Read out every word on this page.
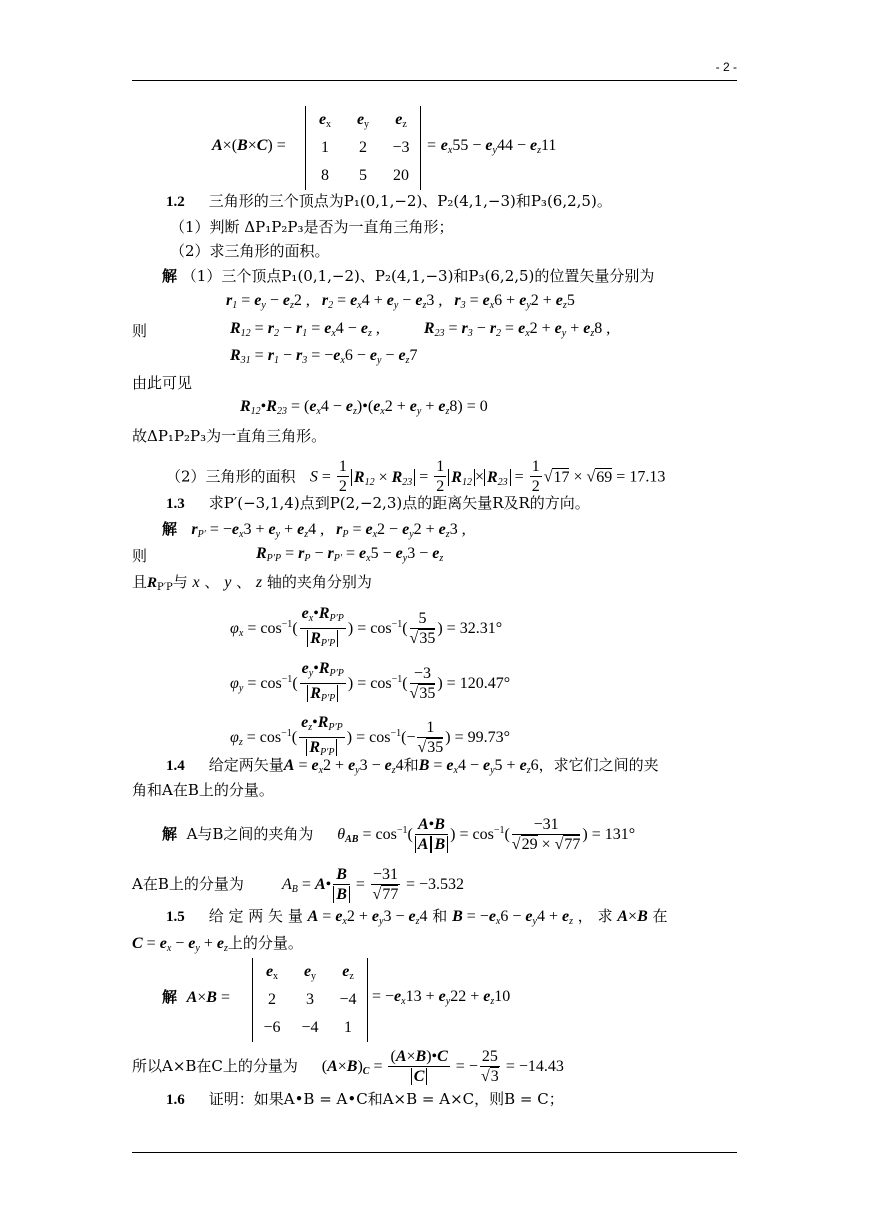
- 2 -
A×(B×C) =
$e_x$	$e_y$	$e_z$
1	2	−3
8	5	20
= $e_x55 - e_y44 - e_z11$
1.2 三角形的三个顶点为P₁(0,1,−2)、P₂(4,1,−3)和P₃(6,2,5)。
（1）判断 ΔP₁P₂P₃是否为一直角三角形；
（2）求三角形的面积。
解 （1）三个顶点P₁(0,1,−2)、P₂(4,1,−3)和P₃(6,2,5)的位置矢量分别为
$r_1 = e_y - e_z2$ ,   $r_2 = e_x4 + e_y - e_z3$ ,   $r_3 = e_x6 + e_y2 + e_z5$
则	$R_{12} = r_2 - r_1 = e_x4 - e_z$ ,	$R_{23} = r_3 - r_2 = e_x2 + e_y + e_z8$ ,
$R_{31} = r_1 - r_3 = -e_x6 - e_y - e_z7$
由此可见
$R_{12}•R_{23} = (e_x4$ − $e_z)•(e_x2 + e_y + e_z8) = 0$
故ΔP₁P₂P₃为一直角三角形。
（2）三角形的面积 $S = \frac{1}{2} R_{12} \times R_{23} = \frac{1}{2} R_{12} \times R_{23} = \frac{1}{2} √17 \times √69 = 17.13$
1.3 求P′(−3,1,4)点到P(2,−2,3)点的距离矢量R及R的方向。
解 $r_{P'} = -e_x3 + e_y + e_z4$ ,   $r_P = e_x2 - e_y2 + e_z3$ ,
则	$R_{P'P} = r_P - r_{P'} = e_x5 - e_y3 - e_z$
且$R_{P'P}$与 x 、 y 、 z 轴的夹角分别为
$\varphi_x = \cos^{-1}( \frac{e_x•R_{P'P}}{R_{P'P}}$ ) = $\cos^{-1}( \frac{5}{√35}$ ) = 32.31°
$\varphi_y = \cos^{-1}( \frac{e_y•R_{P'P}}{R_{P'P}}$ ) = $\cos^{-1}( \frac{-3}{√35}$ ) = 120.47°
$\varphi_z = \cos^{-1}( \frac{e_z•R_{P'P}}{R_{P'P}}$ ) = $\cos^{-1}(- \frac{1}{√35}$ ) = 99.73°
1.4 给定两矢量$A = e_x2 + e_y3 - e_z4$和$B = e_x4 - e_y5 + e_z6$，求它们之间的夹
角和A在B上的分量。
解 A与B之间的夹角为 $\theta_{AB} = \cos^{-1}( \frac{A•B}{\text{A B}}$ ) = $\cos^{-1}( \frac{-31}{√29 \times √77}$ ) = 131°
A在B上的分量为 $A_B$ = A• $\frac{B}{B} = \frac{-31}{√77} = -3.532$
1.5 给 定 两 矢 量 $A = e_x2 + e_y3 - e_z4$ 和 $B = -e_x6 - e_y4 + e_z$ ， 求 A×B 在
$C = e_x - e_y + e_z$上的分量。
解 A×B =
$e_x$	$e_y$	$e_z$
2	3	−4
−6	−4	1
= $-e_x13 + e_y22 + e_z10$
所以A×B在C上的分量为 $(A\times B)_C = \frac{(A\times B)•C}{C}$ = − $\frac{25}{√3} = -14.43$
1.6 证明：如果A•B = A•C和A×B = A×C，则B = C；
